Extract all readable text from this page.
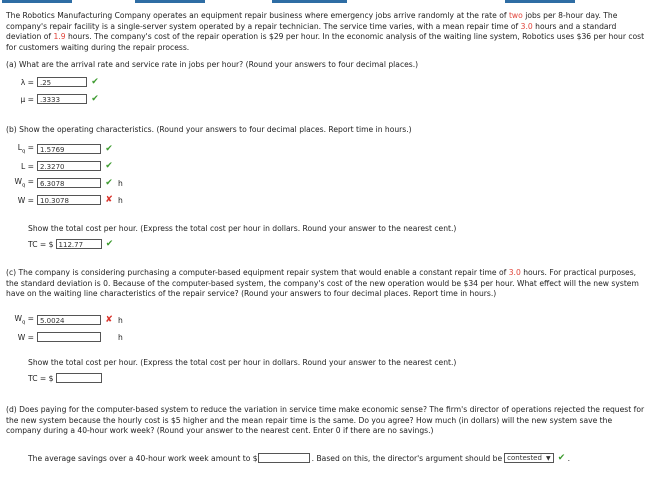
The Robotics Manufacturing Company operates an equipment repair business where emergency jobs arrive randomly at the rate of two jobs per 8-hour day. The company's repair facility is a single-server system operated by a repair technician. The service time varies, with a mean repair time of 3.0 hours and a standard deviation of 1.9 hours. The company's cost of the repair operation is $29 per hour. In the economic analysis of the waiting line system, Robotics uses $36 per hour cost for customers waiting during the repair process.
(a) What are the arrival rate and service rate in jobs per hour? (Round your answers to four decimal places.)
λ = .25	✔
μ = .3333	✔
(b) Show the operating characteristics. (Round your answers to four decimal places. Report time in hours.)
$L_q = 1.5769$	✔
L = 2.3270	✔
$W_q = 6.3078$	✔ h
W = 10.3078	✘ h
Show the total cost per hour. (Express the total cost per hour in dollars. Round your answer to the nearest cent.)
TC = $ 112.77	✔
(c) The company is considering purchasing a computer-based equipment repair system that would enable a constant repair time of 3.0 hours. For practical purposes, the standard deviation is 0. Because of the computer-based system, the company's cost of the new operation would be $34 per hour. What effect will the new system have on the waiting line characteristics of the repair service? (Round your answers to four decimal places. Report time in hours.)
$W_q = 5.0024$	✘ h
W =	h
Show the total cost per hour. (Express the total cost per hour in dollars. Round your answer to the nearest cent.)
TC = $
(d) Does paying for the computer-based system to reduce the variation in service time make economic sense? The firm's director of operations rejected the request for the new system because the hourly cost is $5 higher and the mean repair time is the same. Do you agree? How much (in dollars) will the new system save the company during a 40-hour work week? (Round your answer to the nearest cent. Enter 0 if there are no savings.)
The average savings over a 40-hour work week amount to $	. Based on this, the director's argument should be contested ▼ ✔ .
